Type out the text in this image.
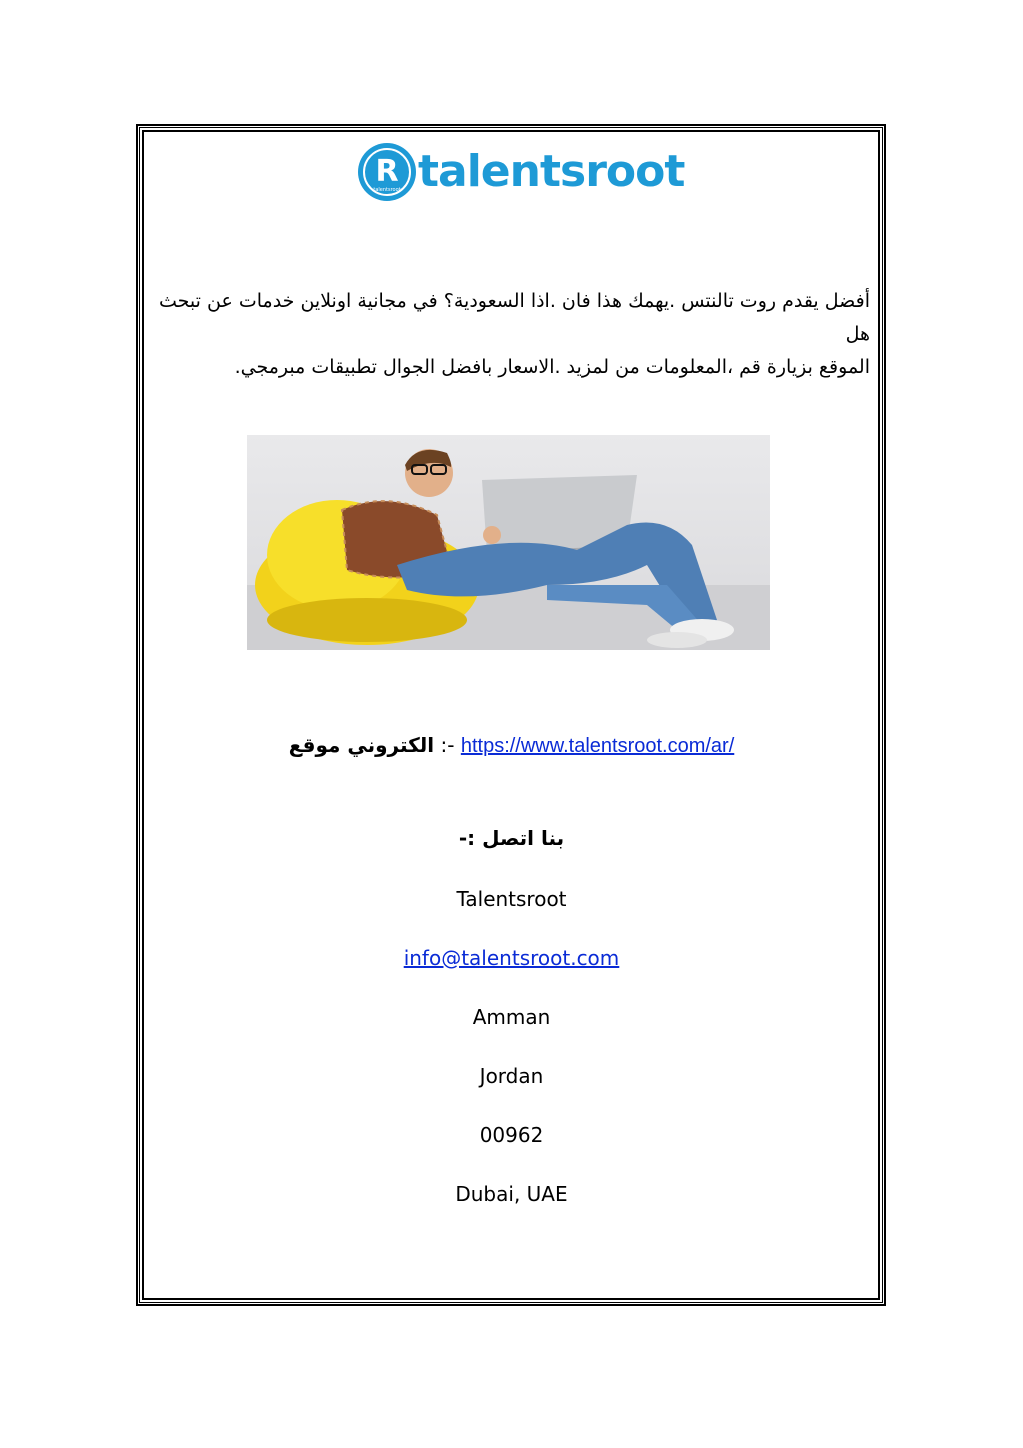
R
talentsroot talentsroot
أفضل يقدم روت تالنتس .يهمك هذا فان .اذا السعودية؟ في مجانية اونلاين خدمات عن تبحث هل
الموقع بزيارة قم ،المعلومات من لمزيد .الاسعار بافضل الجوال تطبيقات مبرمجي.
الكتروني موقع :- https://www.talentsroot.com/ar/
بنا اتصل :-
Talentsroot
info@talentsroot.com
Amman
Jordan
00962
Dubai, UAE
